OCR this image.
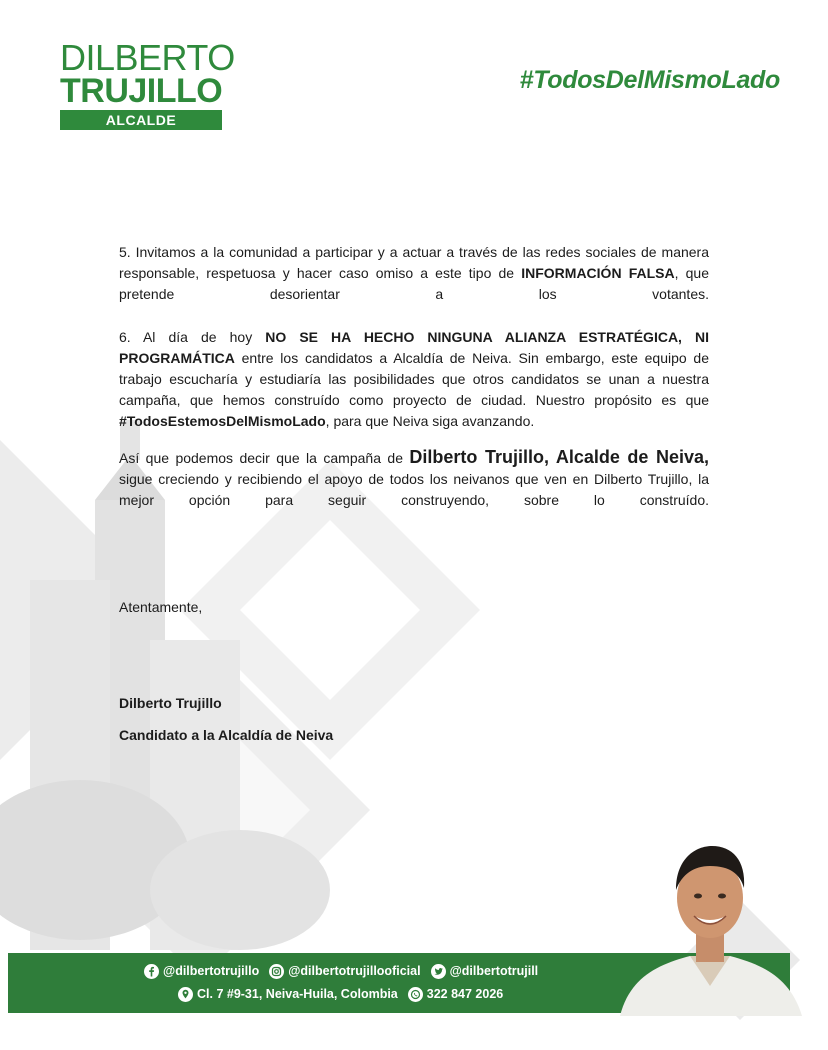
DILBERTO
TRUJILLO
ALCALDE
#TodosDelMismoLado

5. Invitamos a la comunidad a participar y a actuar a través de las redes sociales de manera responsable, respetuosa y hacer caso omiso a este tipo de INFORMACIÓN FALSA, que pretende desorientar a los votantes.

6. Al día de hoy NO SE HA HECHO NINGUNA ALIANZA ESTRATÉGICA, NI PROGRAMÁTICA entre los candidatos a Alcaldía de Neiva. Sin embargo, este equipo de trabajo escucharía y estudiaría las posibilidades que otros candidatos se unan a nuestra campaña, que hemos construído como proyecto de ciudad. Nuestro propósito es que #TodosEstemosDelMismoLado, para que Neiva siga avanzando.

Así que podemos decir que la campaña de Dilberto Trujillo, Alcalde de Neiva, sigue creciendo y recibiendo el apoyo de todos los neivanos que ven en Dilberto Trujillo, la mejor opción para seguir construyendo, sobre lo construído.

Atentamente,
Dilberto Trujillo
Candidato a la Alcaldía de Neiva
@dilbertotrujillo @dilbertotrujillooficial @dilbertotrujill
Cl. 7 #9-31, Neiva-Huila, Colombia 322 847 2026
